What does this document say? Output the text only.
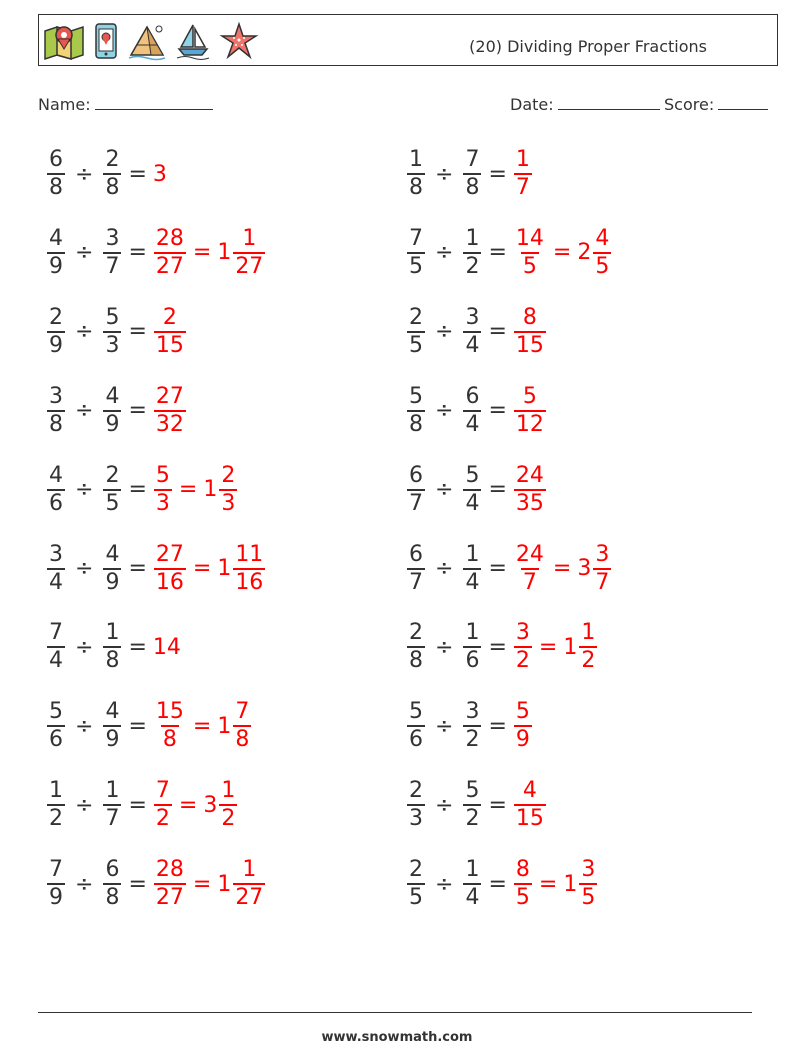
(20) Dividing Proper Fractions
Name:	Date:	Score:
$\frac{6}{8} \div \frac{2}{8} = 3$	$\frac{1}{8} \div \frac{7}{8} = \frac{1}{7}$
$\frac{4}{9} \div \frac{3}{7} = \frac{28}{27} = 1 \frac{1}{27}$	$\frac{7}{5} \div \frac{1}{2} = \frac{14}{5} = 2 \frac{4}{5}$
$\frac{2}{9} \div \frac{5}{3} = \frac{2}{15}$	$\frac{2}{5} \div \frac{3}{4} = \frac{8}{15}$
$\frac{3}{8} \div \frac{4}{9} = \frac{27}{32}$	$\frac{5}{8} \div \frac{6}{4} = \frac{5}{12}$
$\frac{4}{6} \div \frac{2}{5} = \frac{5}{3} = 1 \frac{2}{3}$	$\frac{6}{7} \div \frac{5}{4} = \frac{24}{35}$
$\frac{3}{4} \div \frac{4}{9} = \frac{27}{16} = 1 \frac{11}{16}$	$\frac{6}{7} \div \frac{1}{4} = \frac{24}{7} = 3 \frac{3}{7}$
$\frac{7}{4} \div \frac{1}{8} = 14$	$\frac{2}{8} \div \frac{1}{6} = \frac{3}{2} = 1 \frac{1}{2}$
$\frac{5}{6} \div \frac{4}{9} = \frac{15}{8} = 1 \frac{7}{8}$	$\frac{5}{6} \div \frac{3}{2} = \frac{5}{9}$
$\frac{1}{2} \div \frac{1}{7} = \frac{7}{2} = 3 \frac{1}{2}$	$\frac{2}{3} \div \frac{5}{2} = \frac{4}{15}$
$\frac{7}{9} \div \frac{6}{8} = \frac{28}{27} = 1 \frac{1}{27}$	$\frac{2}{5} \div \frac{1}{4} = \frac{8}{5} = 1 \frac{3}{5}$
www.snowmath.com
